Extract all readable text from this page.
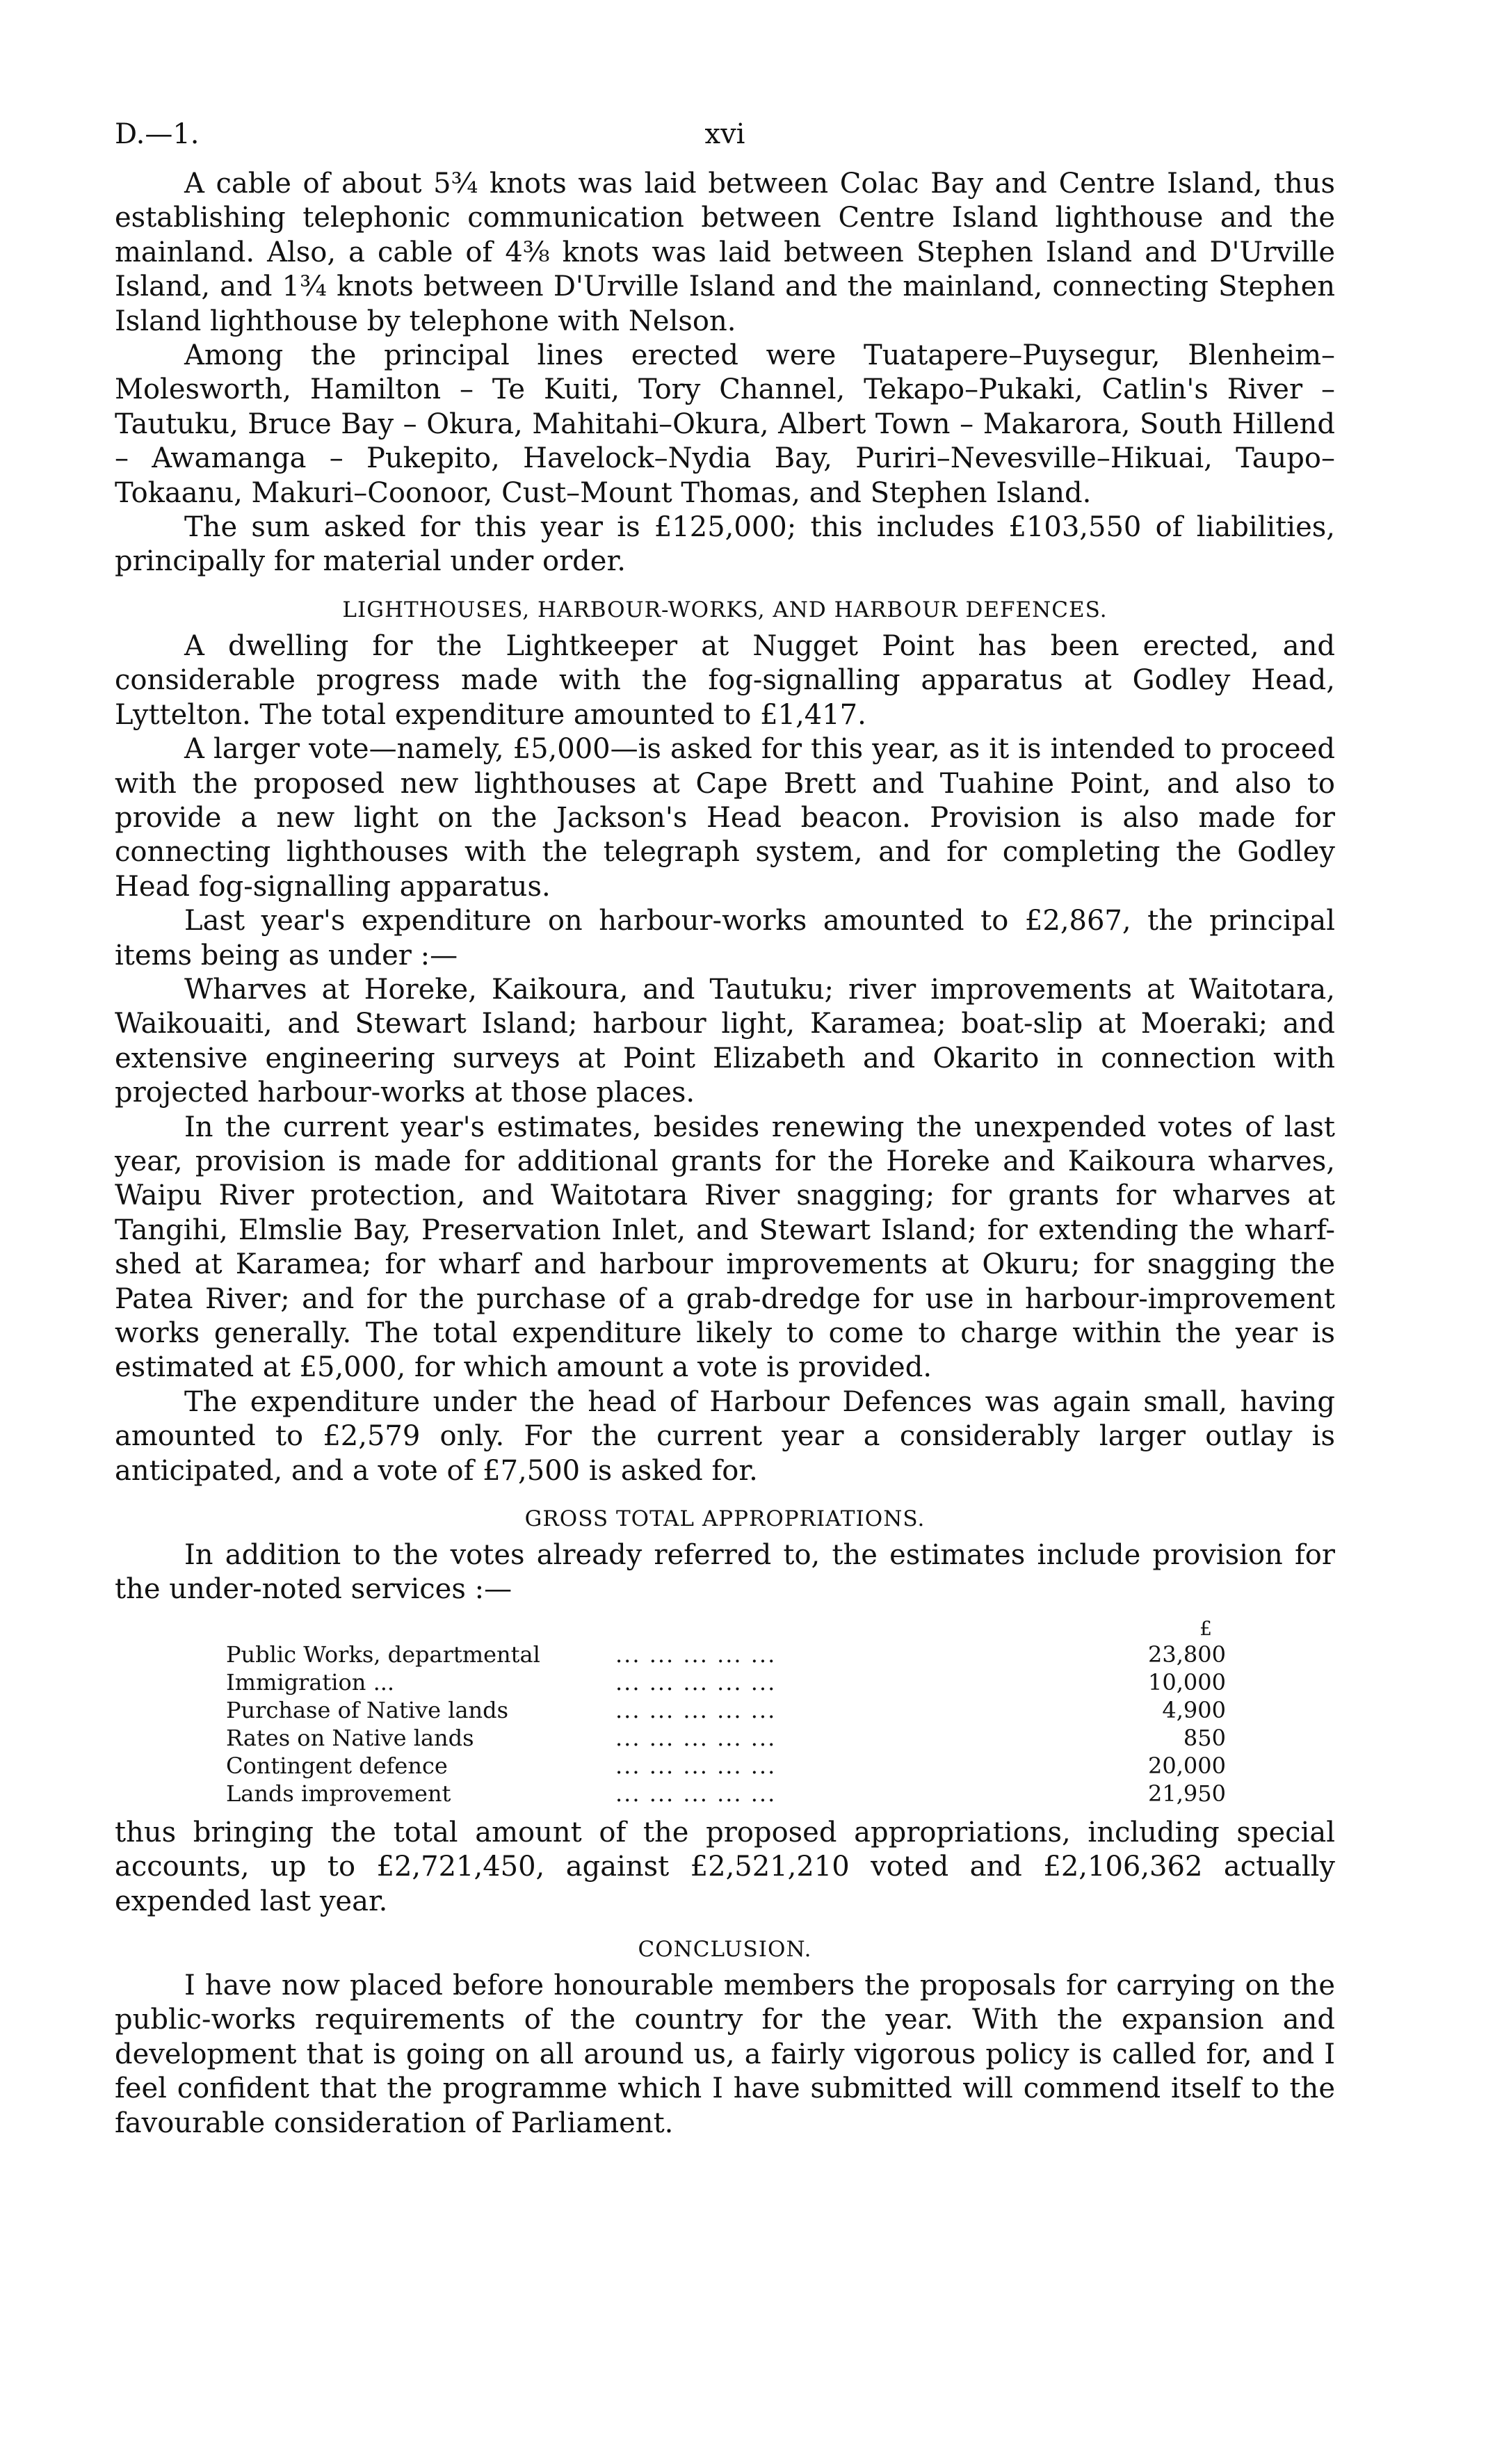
D.—1.	xvi

A cable of about 5¾ knots was laid between Colac Bay and Centre Island, thus establishing telephonic communication between Centre Island lighthouse and the mainland. Also, a cable of 4⅜ knots was laid between Stephen Island and D'Urville Island, and 1¾ knots between D'Urville Island and the mainland, connecting Stephen Island lighthouse by telephone with Nelson.

Among the principal lines erected were Tuatapere–Puysegur, Blenheim–Molesworth, Hamilton – Te Kuiti, Tory Channel, Tekapo–Pukaki, Catlin's River – Tautuku, Bruce Bay – Okura, Mahitahi–Okura, Albert Town – Makarora, South Hillend – Awamanga – Pukepito, Havelock–Nydia Bay, Puriri–Nevesville–Hikuai, Taupo–Tokaanu, Makuri–Coonoor, Cust–Mount Thomas, and Stephen Island.

The sum asked for this year is £125,000; this includes £103,550 of liabilities, principally for material under order.

LIGHTHOUSES, HARBOUR-WORKS, AND HARBOUR DEFENCES.

A dwelling for the Lightkeeper at Nugget Point has been erected, and considerable progress made with the fog-signalling apparatus at Godley Head, Lyttelton. The total expenditure amounted to £1,417.

A larger vote—namely, £5,000—is asked for this year, as it is intended to proceed with the proposed new lighthouses at Cape Brett and Tuahine Point, and also to provide a new light on the Jackson's Head beacon. Provision is also made for connecting lighthouses with the telegraph system, and for completing the Godley Head fog-signalling apparatus.

Last year's expenditure on harbour-works amounted to £2,867, the principal items being as under :—

Wharves at Horeke, Kaikoura, and Tautuku; river improvements at Waitotara, Waikouaiti, and Stewart Island; harbour light, Karamea; boat-slip at Moeraki; and extensive engineering surveys at Point Elizabeth and Okarito in connection with projected harbour-works at those places.

In the current year's estimates, besides renewing the unexpended votes of last year, provision is made for additional grants for the Horeke and Kaikoura wharves, Waipu River protection, and Waitotara River snagging; for grants for wharves at Tangihi, Elmslie Bay, Preservation Inlet, and Stewart Island; for extending the wharf-shed at Karamea; for wharf and harbour improvements at Okuru; for snagging the Patea River; and for the purchase of a grab-dredge for use in harbour-improvement works generally. The total expenditure likely to come to charge within the year is estimated at £5,000, for which amount a vote is provided.

The expenditure under the head of Harbour Defences was again small, having amounted to £2,579 only. For the current year a considerably larger outlay is anticipated, and a vote of £7,500 is asked for.

GROSS TOTAL APPROPRIATIONS.

In addition to the votes already referred to, the estimates include provision for the under-noted services :—

£		
Public Works, departmental	... ... ... ... ...	23,800
Immigration ...	... ... ... ... ...	10,000
Purchase of Native lands	... ... ... ... ...	4,900
Rates on Native lands	... ... ... ... ...	850
Contingent defence	... ... ... ... ...	20,000
Lands improvement	... ... ... ... ...	21,950

thus bringing the total amount of the proposed appropriations, including special accounts, up to £2,721,450, against £2,521,210 voted and £2,106,362 actually expended last year.

CONCLUSION.

I have now placed before honourable members the proposals for carrying on the public-works requirements of the country for the year. With the expansion and development that is going on all around us, a fairly vigorous policy is called for, and I feel confident that the programme which I have submitted will commend itself to the favourable consideration of Parliament.
